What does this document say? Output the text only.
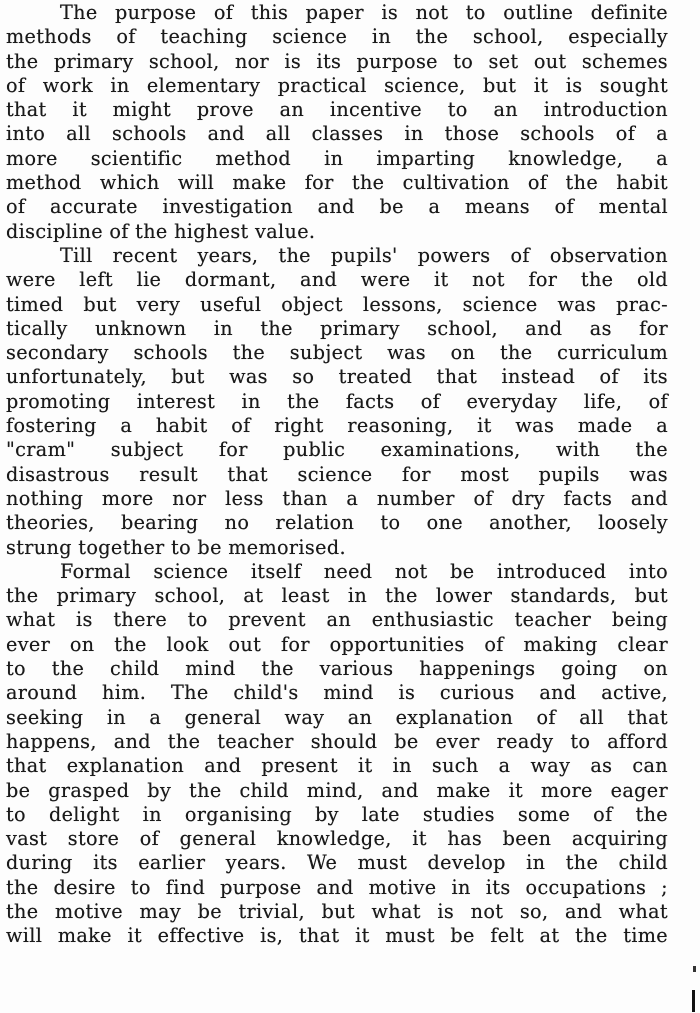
The purpose of this paper is not to outline definite
methods of teaching science in the school, especially
the primary school, nor is its purpose to set out schemes
of work in elementary practical science, but it is sought
that it might prove an incentive to an introduction
into all schools and all classes in those schools of a
more scientific method in imparting knowledge, a
method which will make for the cultivation of the habit
of accurate investigation and be a means of mental
discipline of the highest value.
Till recent years, the pupils' powers of observation
were left lie dormant, and were it not for the old
timed but very useful object lessons, science was prac-
tically unknown in the primary school, and as for
secondary schools the subject was on the curriculum
unfortunately, but was so treated that instead of its
promoting interest in the facts of everyday life, of
fostering a habit of right reasoning, it was made a
"cram" subject for public examinations, with the
disastrous result that science for most pupils was
nothing more nor less than a number of dry facts and
theories, bearing no relation to one another, loosely
strung together to be memorised.
Formal science itself need not be introduced into
the primary school, at least in the lower standards, but
what is there to prevent an enthusiastic teacher being
ever on the look out for opportunities of making clear
to the child mind the various happenings going on
around him. The child's mind is curious and active,
seeking in a general way an explanation of all that
happens, and the teacher should be ever ready to afford
that explanation and present it in such a way as can
be grasped by the child mind, and make it more eager
to delight in organising by late studies some of the
vast store of general knowledge, it has been acquiring
during its earlier years. We must develop in the child
the desire to find purpose and motive in its occupations ;
the motive may be trivial, but what is not so, and what
will make it effective is, that it must be felt at the time
